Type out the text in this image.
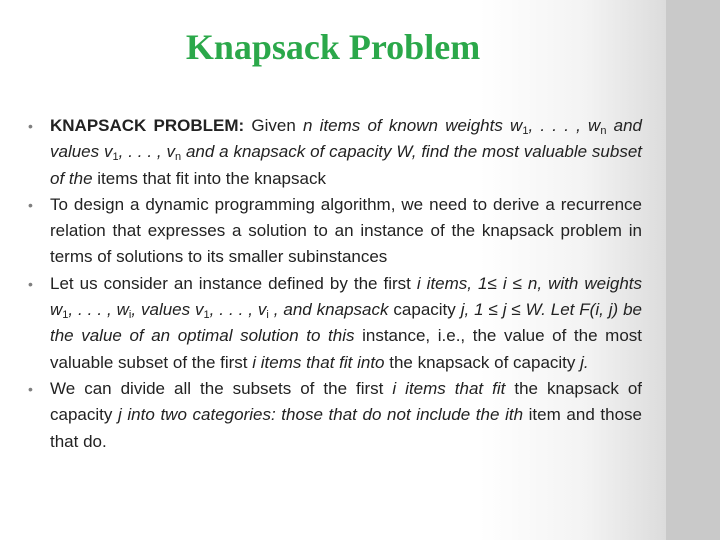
Knapsack Problem
• KNAPSACK PROBLEM: Given n items of known weights $w_1$, . . . , $w_n$ and values $v_1$, . . . , $v_n$ and a knapsack of capacity W, find the most valuable subset of the items that fit into the knapsack
• To design a dynamic programming algorithm, we need to derive a recurrence relation that expresses a solution to an instance of the knapsack problem in terms of solutions to its smaller subinstances
• Let us consider an instance defined by the first i items, 1≤ i ≤ n, with weights $w_1$, . . . , $w_i$, values $v_1$, . . . , $v_i$ , and knapsack capacity j, 1 ≤ j ≤ W. Let F(i, j) be the value of an optimal solution to this instance, i.e., the value of the most valuable subset of the first i items that fit into the knapsack of capacity j.
• We can divide all the subsets of the first i items that fit the knapsack of capacity j into two categories: those that do not include the ith item and those that do.
